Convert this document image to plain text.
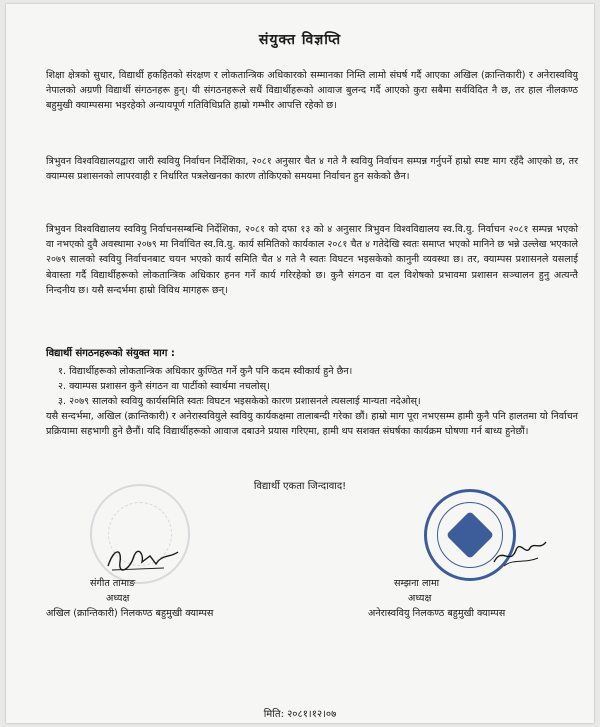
संयुक्त विज्ञप्ति
शिक्षा क्षेत्रको सुधार, विद्यार्थी हकहितको संरक्षण र लोकतान्त्रिक अधिकारको सम्मानका निम्ति लामो संघर्ष गर्दै आएका अखिल (क्रान्तिकारी) र अनेरास्ववियु नेपालको अग्रणी विद्यार्थी संगठनहरू हुन्। यी संगठनहरूले सधैं विद्यार्थीहरूको आवाज बुलन्द गर्दै आएको कुरा सबैमा सर्वविदित नै छ, तर हाल नीलकण्ठ बहुमुखी क्याम्पसमा भइरहेको अन्यायपूर्ण गतिविधिप्रति हाम्रो गम्भीर आपत्ति रहेको छ।
त्रिभुवन विश्वविद्यालयद्वारा जारी स्ववियु निर्वाचन निर्देशिका, २०८१ अनुसार चैत ४ गते नै स्ववियु निर्वाचन सम्पन्न गर्नुपर्ने हाम्रो स्पष्ट माग रहँदै आएको छ, तर क्याम्पस प्रशासनको लापरवाही र निर्धारित पत्रलेखनका कारण तोकिएको समयमा निर्वाचन हुन सकेको छैन।
त्रिभुवन विश्वविद्यालय स्ववियु निर्वाचनसम्बन्धि निर्देशिका, २०८१ को दफा १३ को ४ अनुसार त्रिभुवन विश्वविद्यालय स्व.वि.यु. निर्वाचन २०८१ सम्पन्न भएको वा नभएको दुवै अवस्थामा २०७९ मा निर्वाचित स्व.वि.यु. कार्य समितिको कार्यकाल २०८१ चैत ४ गतेदेखि स्वतः समाप्त भएको मानिने छ भन्ने उल्लेख भएकाले २०७९ सालको स्ववियु निर्वाचनबाट चयन भएको कार्य समिति चैत ४ गते नै स्वतः विघटन भइसकेको कानुनी व्यवस्था छ। तर, क्याम्पस प्रशासनले यसलाई बेवास्ता गर्दै विद्यार्थीहरूको लोकतान्त्रिक अधिकार हनन गर्ने कार्य गरिरहेको छ। कुनै संगठन वा दल विशेषको प्रभावमा प्रशासन सञ्चालन हुनु अत्यन्तै निन्दनीय छ। यसै सन्दर्भमा हाम्रो विविध मागहरू छन्।
विद्यार्थी संगठनहरूको संयुक्त माग :

१. विद्यार्थीहरूको लोकतान्त्रिक अधिकार कुण्ठित गर्ने कुनै पनि कदम स्वीकार्य हुने छैन।

२. क्याम्पस प्रशासन कुनै संगठन वा पार्टीको स्वार्थमा नचलोस्।

३. २०७९ सालको स्ववियु कार्यसमिति स्वतः विघटन भइसकेको कारण प्रशासनले त्यसलाई मान्यता नदेओस्।

यसै सन्दर्भमा, अखिल (क्रान्तिकारी) र अनेरास्ववियुले स्ववियु कार्यकक्षमा तालाबन्दी गरेका छौं। हाम्रो माग पूरा नभएसम्म हामी कुनै पनि हालतमा यो निर्वाचन प्रक्रियामा सहभागी हुने छैनौं। यदि विद्यार्थीहरूको आवाज दबाउने प्रयास गरिएमा, हामी थप सशक्त संघर्षका कार्यक्रम घोषणा गर्न बाध्य हुनेछौं।
विद्यार्थी एकता जिन्दावाद!
संगीत तामाङ
अध्यक्ष
अखिल (क्रान्तिकारी) निलकण्ठ बहुमुखी क्याम्पस
सम्झना लामा
अध्यक्ष
अनेरास्ववियु निलकण्ठ बहुमुखी क्याम्पस
मिति: २०८१।१२।०७
